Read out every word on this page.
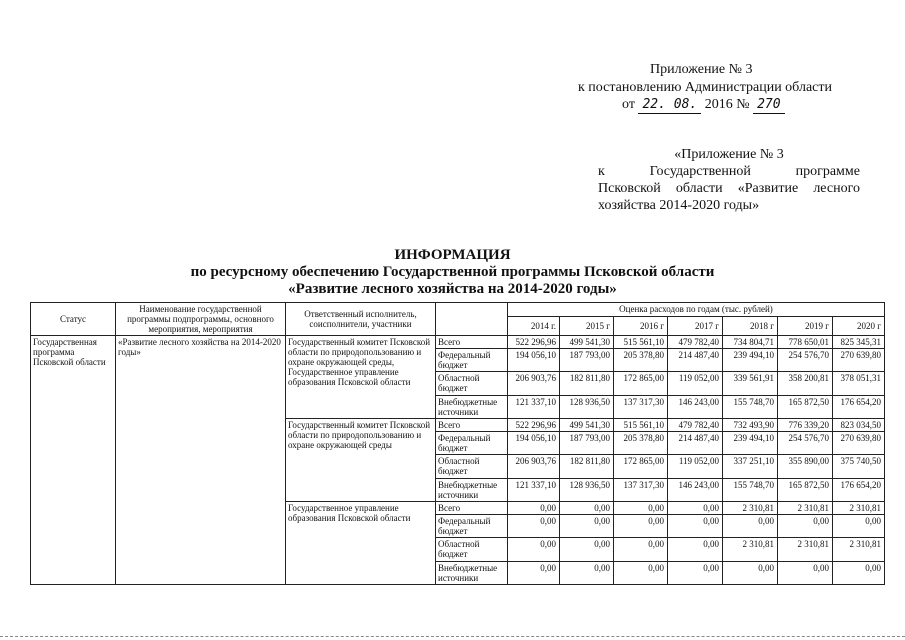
Приложение № 3
к постановлению Администрации области
от 22. 08. 2016 № 270
«Приложение № 3
к	Государственной	программе
Псковской области «Развитие лесного
хозяйства 2014-2020 годы»
ИНФОРМАЦИЯ
по ресурсному обеспечению Государственной программы Псковской области
«Развитие лесного хозяйства на 2014-2020 годы»
Статус	Наименование государственной программы подпрограммы, основного мероприятия, мероприятия	Ответственный исполнитель, соисполнители, участники		Оценка расходов по годам (тыс. рублей)						
				2014 г.	2015 г	2016 г	2017 г	2018 г	2019 г	2020 г
Государственная программа Псковской области	«Развитие лесного хозяйства на 2014-2020 годы»	Государственный комитет Псковской области по природопользованию и охране окружающей среды, Государственное управление образования Псковской области	Всего	522 296,96	499 541,30	515 561,10	479 782,40	734 804,71	778 650,01	825 345,31
			Федеральный бюджет	194 056,10	187 793,00	205 378,80	214 487,40	239 494,10	254 576,70	270 639,80
			Областной бюджет	206 903,76	182 811,80	172 865,00	119 052,00	339 561,91	358 200,81	378 051,31
			Внебюджетные источники	121 337,10	128 936,50	137 317,30	146 243,00	155 748,70	165 872,50	176 654,20
		Государственный комитет Псковской области по природопользованию и охране окружающей среды	Всего	522 296,96	499 541,30	515 561,10	479 782,40	732 493,90	776 339,20	823 034,50
			Федеральный бюджет	194 056,10	187 793,00	205 378,80	214 487,40	239 494,10	254 576,70	270 639,80
			Областной бюджет	206 903,76	182 811,80	172 865,00	119 052,00	337 251,10	355 890,00	375 740,50
			Внебюджетные источники	121 337,10	128 936,50	137 317,30	146 243,00	155 748,70	165 872,50	176 654,20
		Государственное управление образования Псковской области	Всего	0,00	0,00	0,00	0,00	2 310,81	2 310,81	2 310,81
			Федеральный бюджет	0,00	0,00	0,00	0,00	0,00	0,00	0,00
			Областной бюджет	0,00	0,00	0,00	0,00	2 310,81	2 310,81	2 310,81
			Внебюджетные источники	0,00	0,00	0,00	0,00	0,00	0,00	0,00
